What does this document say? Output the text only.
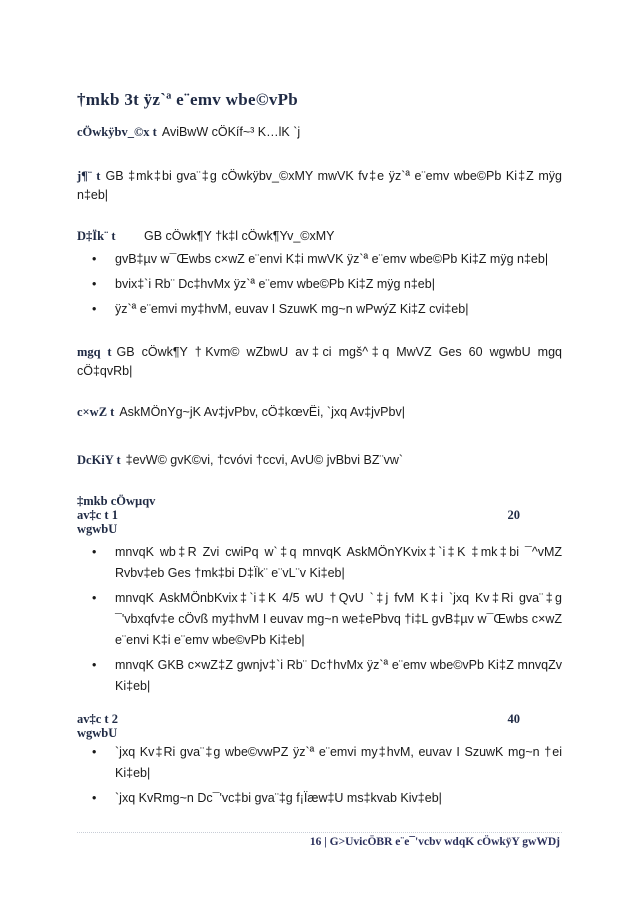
†mkb 3t ÿz`ª e¨emv wbe©vPb
cÖwkÿbv_©x t AviBwW cÖKíf~³ K…lK `j
j¶¨ t GB ‡mk‡bi gva¨‡g cÖwkÿbv_©xMY mwVK fv‡e ÿz`ª e¨emv wbe©Pb Ki‡Z mÿg n‡eb|
D‡Ïk¨ t GB cÖwk¶Y †k‡l cÖwk¶Yv_©xMY
• gvB‡µv w¯Œwbs c×wZ e¨envi K‡i mwVK ÿz`ª e¨emv wbe©Pb Ki‡Z mÿg n‡eb|
• bvix‡`i Rb¨ Dc‡hvMx ÿz`ª e¨emv wbe©Pb Ki‡Z mÿg n‡eb|
• ÿz`ª e¨emvi my‡hvM, euvav I SzuwK mg~n wPwýZ Ki‡Z cvi‡eb|
mgq t GB cÖwk¶Y †Kvm© wZbwU av‡ci mgš^‡q MwVZ Ges 60 wgwbU mgq cÖ‡qvRb|
c×wZ t AskMÖnYg~jK Av‡jvPbv, cÖ‡kœvËi, `jxq Av‡jvPbv|
DcKiY t ‡evW© gvK©vi, †cvóvi †ccvi, AvU© jvBbvi BZ¨vw`
‡mkb cÖwµqv
av‡c t 1	20
wgwbU
• mnvqK wb‡R Zvi cwiPq w`‡q mnvqK AskMÖnYKvix‡`i‡K ‡mk‡bi ¯^vMZ Rvbv‡eb Ges †mk‡bi D‡Ïk¨ e¨vL¨v Ki‡eb|
• mnvqK AskMÖnbKvix‡`i‡K 4/5 wU †QvU `‡j fvM K‡i `jxq Kv‡Ri gva¨‡g ¯'vbxqfv‡e cÖvß my‡hvM I euvav mg~n we‡ePbvq †i‡L gvB‡µv w¯Œwbs c×wZ e¨envi K‡i e¨emv wbe©vPb Ki‡eb|
• mnvqK GKB c×wZ‡Z gwnjv‡`i Rb¨ Dc†hvMx ÿz`ª e¨emv wbe©vPb Ki‡Z mnvqZv Ki‡eb|
av‡c t 2	40
wgwbU
• `jxq Kv‡Ri gva¨‡g wbe©vwPZ ÿz`ª e¨emvi my‡hvM, euvav I SzuwK mg~n †ei Ki‡eb|
• `jxq KvRmg~n Dc¯'vc‡bi gva¨‡g f¡Ïæw‡U ms‡kvab Kiv‡eb|
16 | G>UvicÖBR e¨e¯'vcbv wdqK cÖwkÿY gwWDj
